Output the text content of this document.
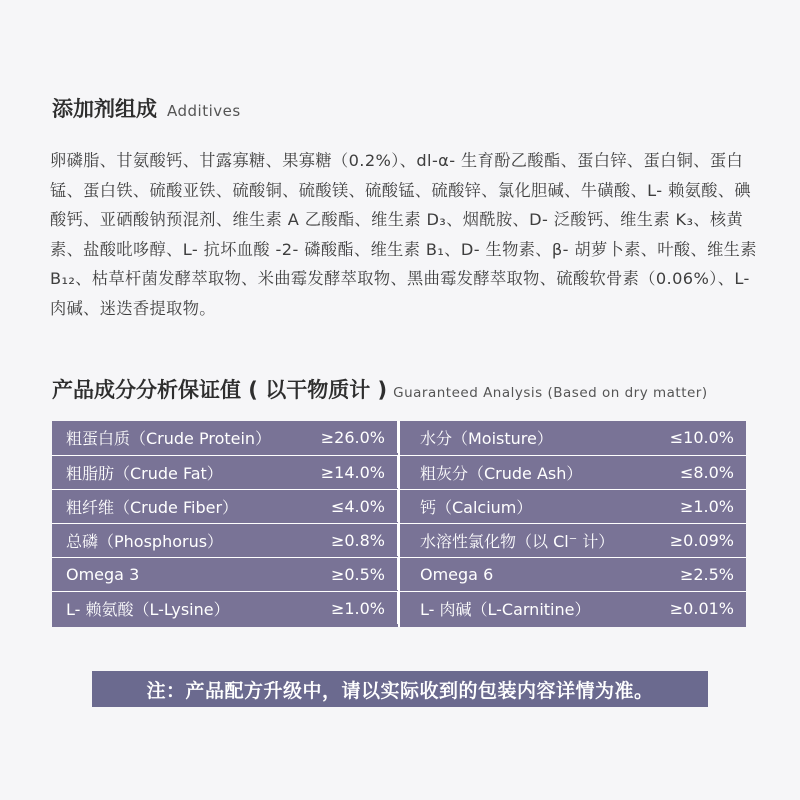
添加剂组成 Additives
卵磷脂、甘氨酸钙、甘露寡糖、果寡糖（0.2%）、dl-α- 生育酚乙酸酯、蛋白锌、蛋白铜、蛋白锰、蛋白铁、硫酸亚铁、硫酸铜、硫酸镁、硫酸锰、硫酸锌、氯化胆碱、牛磺酸、L- 赖氨酸、碘酸钙、亚硒酸钠预混剂、维生素 A 乙酸酯、维生素 D₃、烟酰胺、D- 泛酸钙、维生素 K₃、核黄素、盐酸吡哆醇、L- 抗坏血酸 -2- 磷酸酯、维生素 B₁、D- 生物素、β- 胡萝卜素、叶酸、维生素 B₁₂、枯草杆菌发酵萃取物、米曲霉发酵萃取物、黑曲霉发酵萃取物、硫酸软骨素（0.06%）、L- 肉碱、迷迭香提取物。
产品成分分析保证值 ( 以干物质计 ) Guaranteed Analysis (Based on dry matter)
粗蛋白质（Crude Protein）	≥26.0% 水分（Moisture）	≤10.0%
粗脂肪（Crude Fat）	≥14.0% 粗灰分（Crude Ash）	≤8.0%
粗纤维（Crude Fiber）	≤4.0% 钙（Calcium）	≥1.0%
总磷（Phosphorus）	≥0.8% 水溶性氯化物（以 Cl⁻ 计）	≥0.09%
Omega 3	≥0.5% Omega 6	≥2.5%
L- 赖氨酸（L-Lysine）	≥1.0% L- 肉碱（L-Carnitine）	≥0.01%
注：产品配方升级中，请以实际收到的包装内容详情为准。
